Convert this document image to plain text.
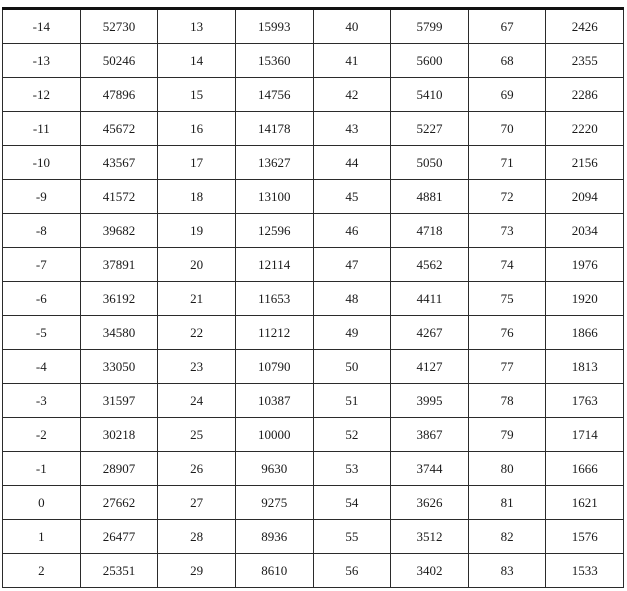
-14	52730	13	15993	40	5799	67	2426
-13	50246	14	15360	41	5600	68	2355
-12	47896	15	14756	42	5410	69	2286
-11	45672	16	14178	43	5227	70	2220
-10	43567	17	13627	44	5050	71	2156
-9	41572	18	13100	45	4881	72	2094
-8	39682	19	12596	46	4718	73	2034
-7	37891	20	12114	47	4562	74	1976
-6	36192	21	11653	48	4411	75	1920
-5	34580	22	11212	49	4267	76	1866
-4	33050	23	10790	50	4127	77	1813
-3	31597	24	10387	51	3995	78	1763
-2	30218	25	10000	52	3867	79	1714
-1	28907	26	9630	53	3744	80	1666
0	27662	27	9275	54	3626	81	1621
1	26477	28	8936	55	3512	82	1576
2	25351	29	8610	56	3402	83	1533
